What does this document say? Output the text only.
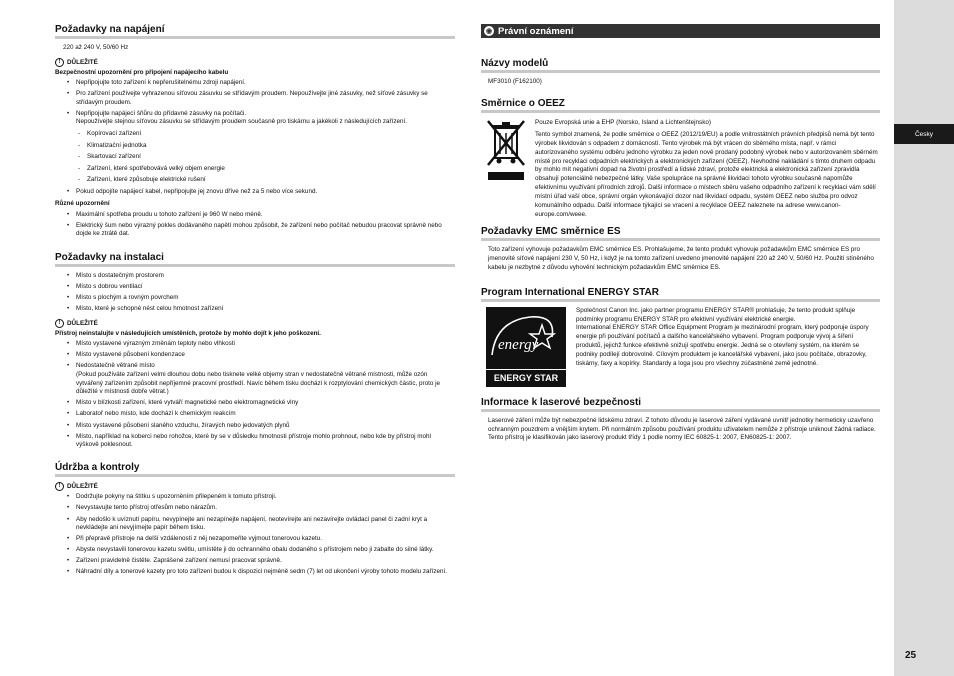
Požadavky na napájení
220 až 240 V, 50/60 Hz
!	DŮLEŽITÉ
Bezpečnostní upozornění pro připojení napájecího kabelu
• Nepřipojujte toto zařízení k nepřerušitelnému zdroji napájení.
• Pro zařízení používejte vyhrazenou síťovou zásuvku se střídavým proudem. Nepoužívejte jiné zásuvky, než síťové zásuvky se střídavým proudem.
• Nepřipojujte napájecí šňůru do přídavné zásuvky na počítači.
Nepoužívejte stejnou síťovou zásuvku se střídavým proudem současně pro tiskárnu a jakékoli z následujících zařízení.
- Kopírovací zařízení
- Klimatizační jednotka
- Skartovací zařízení
- Zařízení, které spotřebovává velký objem energie
- Zařízení, které způsobuje elektrické rušení
• Pokud odpojíte napájecí kabel, nepřipojujte jej znovu dříve než za 5 nebo více sekund.
Různé upozornění
• Maximální spotřeba proudu u tohoto zařízení je 960 W nebo méně.
• Elektrický šum nebo výrazný pokles dodávaného napětí mohou způsobit, že zařízení nebo počítač nebudou pracovat správně nebo dojde ke ztrátě dat.
Požadavky na instalaci
• Místo s dostatečným prostorem
• Místo s dobrou ventilací
• Místo s plochým a rovným povrchem
• Místo, které je schopné nést celou hmotnost zařízení
!	DŮLEŽITÉ
Přístroj neinstalujte v následujících umístěních, protože by mohlo dojít k jeho poškození.
• Místo vystavené výrazným změnám teploty nebo vlhkosti
• Místo vystavené působení kondenzace
• Nedostatečně větrané místo
(Pokud používáte zařízení velmi dlouhou dobu nebo tisknete velké objemy stran v nedostatečně větrané místnosti, může ozón vytvářený zařízením způsobit nepříjemné pracovní prostředí. Navíc během tisku dochází k rozptylování chemických částic, proto je důležité v místnosti dobře větrat.)
• Místo v blízkosti zařízení, které vytváří magnetické nebo elektromagnetické vlny
• Laboratoř nebo místo, kde dochází k chemickým reakcím
• Místo vystavené působení slaného vzduchu, žíravých nebo jedovatých plynů
• Místo, například na koberci nebo rohožce, které by se v důsledku hmotnosti přístroje mohlo prohnout, nebo kde by přístroj mohl výškově poklesnout.
Údržba a kontroly
!	DŮLEŽITÉ
• Dodržujte pokyny na štítku s upozorněním přilepeném k tomuto přístroji.
• Nevystavujte tento přístroj otřesům nebo nárazům.
• Aby nedošlo k uvíznutí papíru, nevypínejte ani nezapínejte napájení, neotevírejte ani nezavírejte ovládací panel či zadní kryt a nevkládejte ani nevyjímejte papír během tisku.
• Při přepravě přístroje na delší vzdálenosti z něj nezapomeňte vyjmout tonerovou kazetu.
• Abyste nevystavili tonerovou kazetu světlu, umístěte ji do ochranného obalu dodaného s přístrojem nebo ji zabalte do silné látky.
• Zařízení pravidelně čistěte. Zaprášené zařízení nemusí pracovat správně.
• Náhradní díly a tonerové kazety pro toto zařízení budou k dispozici nejméně sedm (7) let od ukončení výroby tohoto modelu zařízení.
◉ Právní oznámení
Názvy modelů
MF3010 (F162100)
Směrnice o OEEZ
Pouze Evropská unie a EHP (Norsko, Island a Lichtenštejnsko)
Tento symbol znamená, že podle směrnice o OEEZ (2012/19/EU) a podle vnitrostátních právních předpisů nemá být tento výrobek likvidován s odpadem z domácností. Tento výrobek má být vrácen do sběrného místa, např. v rámci autorizovaného systému odběru jednoho výrobku za jeden nově prodaný podobný výrobek nebo v autorizovaném sběrném místě pro recyklaci odpadních elektrických a elektronických zařízení (OEEZ). Nevhodné nakládání s tímto druhem odpadu by mohlo mít negativní dopad na životní prostředí a lidské zdraví, protože elektrická a elektronická zařízení zpravidla obsahují potenciálně nebezpečné látky. Vaše spolupráce na správné likvidaci tohoto výrobku současně napomůže efektivnímu využívání přírodních zdrojů. Další informace o místech sběru vašeho odpadního zařízení k recyklaci vám sdělí místní úřad vaší obce, správní orgán vykonávající dozor nad likvidací odpadu, systém OEEZ nebo služba pro odvoz komunálního odpadu. Další informace týkající se vracení a recyklace OEEZ naleznete na adrese www.canon-europe.com/weee.
Požadavky EMC směrnice ES
Toto zařízení vyhovuje požadavkům EMC směrnice ES. Prohlašujeme, že tento produkt vyhovuje požadavkům EMC směrnice ES pro jmenovité síťové napájení 230 V, 50 Hz, i když je na tomto zařízení uvedeno jmenovité napájení 220 až 240 V, 50/60 Hz. Použití stíněného kabelu je nezbytné z důvodu vyhovění technickým požadavkům EMC směrnice ES.
Program International ENERGY STAR
energy
ENERGY STAR
Společnost Canon Inc. jako partner programu ENERGY STAR® prohlašuje, že tento produkt splňuje podmínky programu ENERGY STAR pro efektivní využívání elektrické energie.
International ENERGY STAR Office Equipment Program je mezinárodní program, který podporuje úspory energie při používání počítačů a dalšího kancelářského vybavení. Program podporuje vývoj a šíření produktů, jejichž funkce efektivně snižují spotřebu energie. Jedná se o otevřený systém, na kterém se podniky podílejí dobrovolně. Cílovým produktem je kancelářské vybavení, jako jsou počítače, obrazovky, tiskárny, faxy a kopírky. Standardy a loga jsou pro všechny zúčastněné země jednotné.
Informace k laserové bezpečnosti
Laserové záření může být nebezpečné lidskému zdraví. Z tohoto důvodu je laserové záření vydávané uvnitř jednotky hermeticky uzavřeno ochranným pouzdrem a vnějším krytem. Při normálním způsobu používání produktu uživatelem nemůže z přístroje uniknout žádná radiace.
Tento přístroj je klasifikován jako laserový produkt třídy 1 podle normy IEC 60825-1: 2007, EN60825-1: 2007.
Česky
25
